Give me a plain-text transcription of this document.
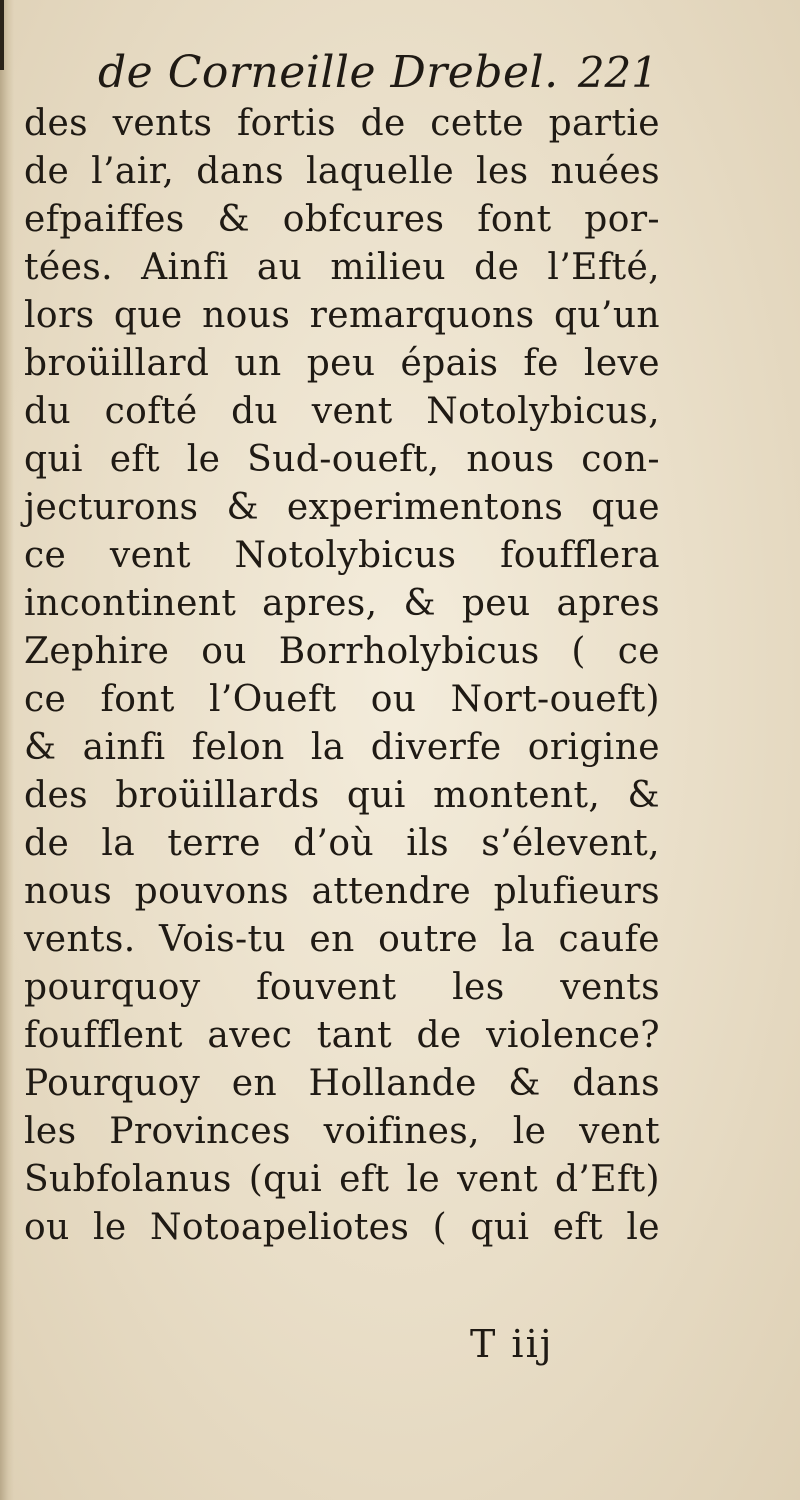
de Corneille Drebel. 221
des vents fortis de cette partie
de l’air, dans laquelle les nuées
efpaiffes & obfcures font por-
tées. Ainfi au milieu de l’Efté,
lors que nous remarquons qu’un
broüillard un peu épais fe leve
du cofté du vent Notolybicus,
qui eft le Sud-oueft, nous con-
jecturons & experimentons que
ce vent Notolybicus foufflera
incontinent apres, & peu apres
Zephire ou Borrholybicus ( ce
ce font l’Oueft ou Nort-oueft)
& ainfi felon la diverfe origine
des broüillards qui montent, &
de la terre d’où ils s’élevent,
nous pouvons attendre plufieurs
vents. Vois-tu en outre la caufe
pourquoy fouvent les vents
foufflent avec tant de violence?
Pourquoy en Hollande & dans
les Provinces voifines, le vent
Subfolanus (qui eft le vent d’Eft)
ou le Notoapeliotes ( qui eft le
T iij
